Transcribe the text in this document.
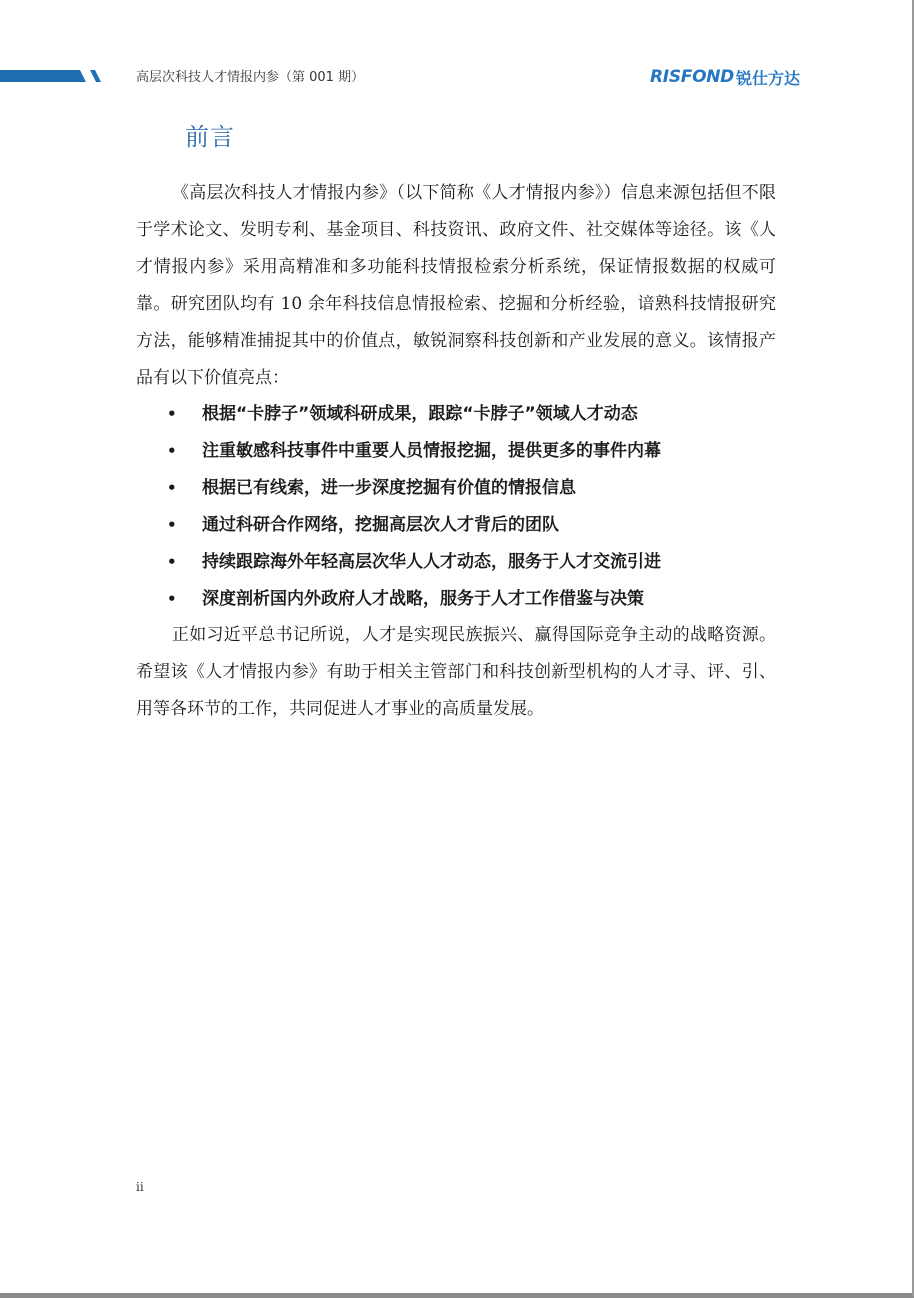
高层次科技人才情报内参（第 001 期）	RISFOND 锐仕方达
前言

《高层次科技人才情报内参》（以下简称《人才情报内参》）信息来源包括但不限于学术论文、发明专利、基金项目、科技资讯、政府文件、社交媒体等途径。该《人才情报内参》采用高精准和多功能科技情报检索分析系统，保证情报数据的权威可靠。研究团队均有 10 余年科技信息情报检索、挖掘和分析经验，谙熟科技情报研究方法，能够精准捕捉其中的价值点，敏锐洞察科技创新和产业发展的意义。该情报产品有以下价值亮点：

• 根据“卡脖子”领域科研成果，跟踪“卡脖子”领域人才动态
• 注重敏感科技事件中重要人员情报挖掘，提供更多的事件内幕
• 根据已有线索，进一步深度挖掘有价值的情报信息
• 通过科研合作网络，挖掘高层次人才背后的团队
• 持续跟踪海外年轻高层次华人人才动态，服务于人才交流引进
• 深度剖析国内外政府人才战略，服务于人才工作借鉴与决策

正如习近平总书记所说，人才是实现民族振兴、赢得国际竞争主动的战略资源。希望该《人才情报内参》有助于相关主管部门和科技创新型机构的人才寻、评、引、用等各环节的工作，共同促进人才事业的高质量发展。

ii
